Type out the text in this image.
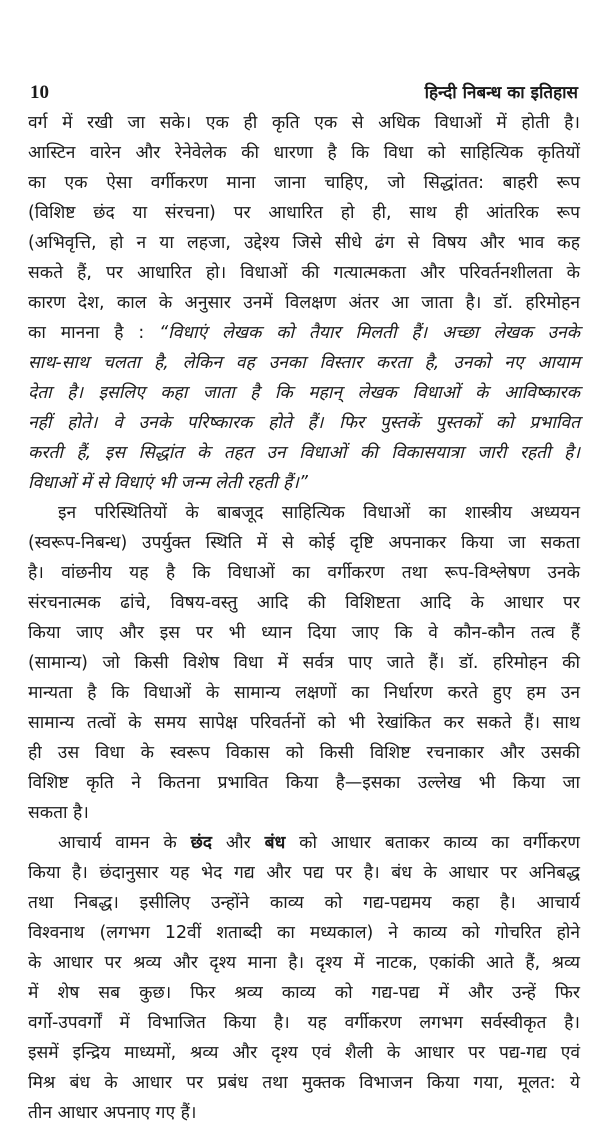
10	हिन्दी निबन्ध का इतिहास
वर्ग में रखी जा सके। एक ही कृति एक से अधिक विधाओं में होती है।
आस्टिन वारेन और रेनेवेलेक की धारणा है कि विधा को साहित्यिक कृतियों
का एक ऐसा वर्गीकरण माना जाना चाहिए, जो सिद्धांतत: बाहरी रूप
(विशिष्ट छंद या संरचना) पर आधारित हो ही, साथ ही आंतरिक रूप
(अभिवृत्ति, हो न या लहजा, उद्देश्य जिसे सीधे ढंग से विषय और भाव कह
सकते हैं, पर आधारित हो। विधाओं की गत्यात्मकता और परिवर्तनशीलता के
कारण देश, काल के अनुसार उनमें विलक्षण अंतर आ जाता है। डॉ. हरिमोहन
का मानना है : “विधाएं लेखक को तैयार मिलती हैं। अच्छा लेखक उनके
साथ-साथ चलता है, लेकिन वह उनका विस्तार करता है, उनको नए आयाम
देता है। इसलिए कहा जाता है कि महान् लेखक विधाओं के आविष्कारक
नहीं होते। वे उनके परिष्कारक होते हैं। फिर पुस्तकें पुस्तकों को प्रभावित
करती हैं, इस सिद्धांत के तहत उन विधाओं की विकासयात्रा जारी रहती है।
विधाओं में से विधाएं भी जन्म लेती रहती हैं।”
इन परिस्थितियों के बाबजूद साहित्यिक विधाओं का शास्त्रीय अध्ययन
(स्वरूप-निबन्ध) उपर्युक्त स्थिति में से कोई दृष्टि अपनाकर किया जा सकता
है। वांछनीय यह है कि विधाओं का वर्गीकरण तथा रूप-विश्लेषण उनके
संरचनात्मक ढांचे, विषय-वस्तु आदि की विशिष्टता आदि के आधार पर
किया जाए और इस पर भी ध्यान दिया जाए कि वे कौन-कौन तत्व हैं
(सामान्य) जो किसी विशेष विधा में सर्वत्र पाए जाते हैं। डॉ. हरिमोहन की
मान्यता है कि विधाओं के सामान्य लक्षणों का निर्धारण करते हुए हम उन
सामान्य तत्वों के समय सापेक्ष परिवर्तनों को भी रेखांकित कर सकते हैं। साथ
ही उस विधा के स्वरूप विकास को किसी विशिष्ट रचनाकार और उसकी
विशिष्ट कृति ने कितना प्रभावित किया है—इसका उल्लेख भी किया जा
सकता है।
आचार्य वामन के छंद और बंध को आधार बताकर काव्य का वर्गीकरण
किया है। छंदानुसार यह भेद गद्य और पद्य पर है। बंध के आधार पर अनिबद्ध
तथा निबद्ध। इसीलिए उन्होंने काव्य को गद्य-पद्यमय कहा है। आचार्य
विश्वनाथ (लगभग 12वीं शताब्दी का मध्यकाल) ने काव्य को गोचरित होने
के आधार पर श्रव्य और दृश्य माना है। दृश्य में नाटक, एकांकी आते हैं, श्रव्य
में शेष सब कुछ। फिर श्रव्य काव्य को गद्य-पद्य में और उन्हें फिर
वर्गो-उपवर्गों में विभाजित किया है। यह वर्गीकरण लगभग सर्वस्वीकृत है।
इसमें इन्द्रिय माध्यमों, श्रव्य और दृश्य एवं शैली के आधार पर पद्य-गद्य एवं
मिश्र बंध के आधार पर प्रबंध तथा मुक्तक विभाजन किया गया, मूलत: ये
तीन आधार अपनाए गए हैं।
